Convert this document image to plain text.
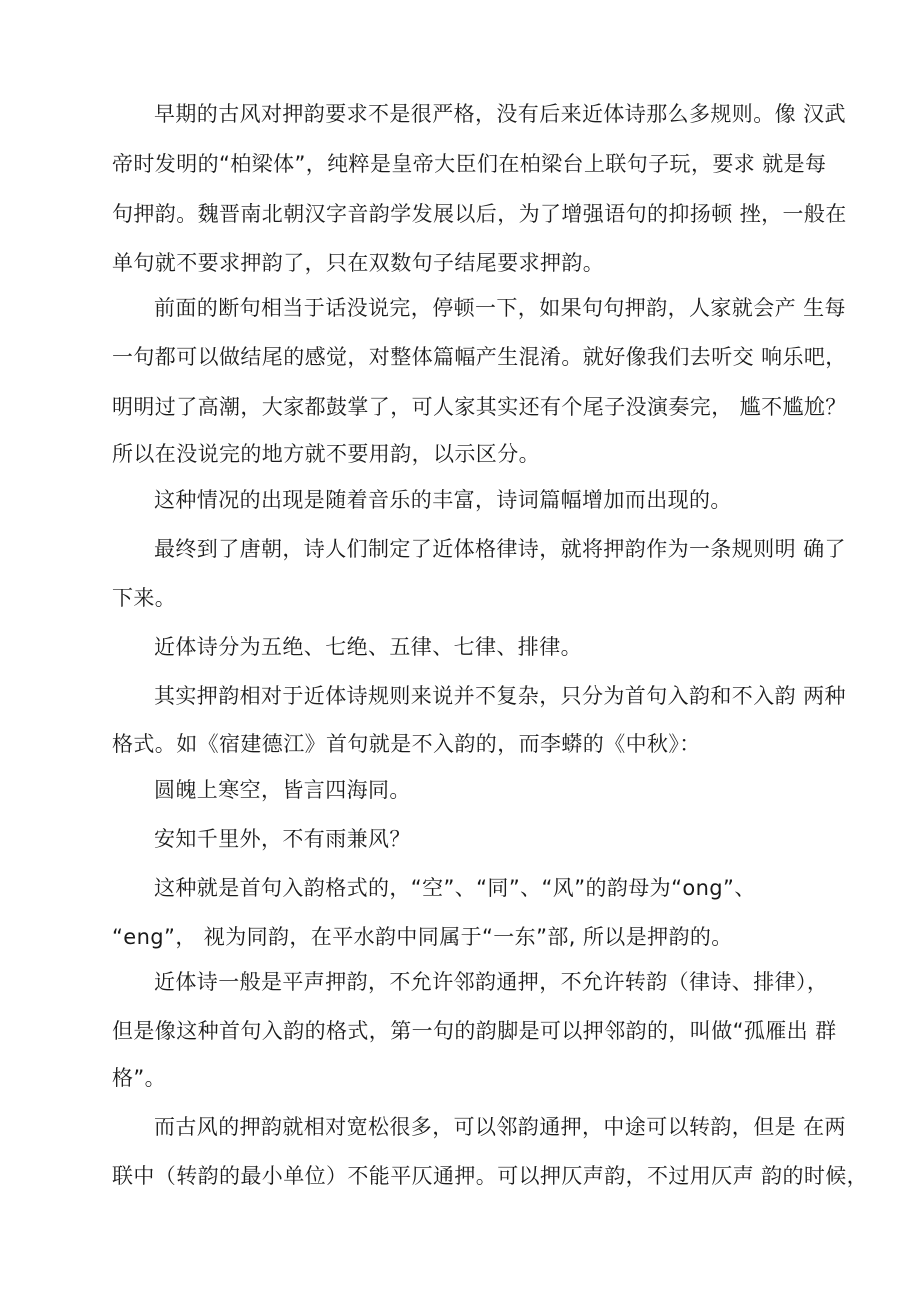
早期的古风对押韵要求不是很严格，没有后来近体诗那么多规则。像 汉武
帝时发明的“柏梁体”，纯粹是皇帝大臣们在柏梁台上联句子玩，要求 就是每
句押韵。魏晋南北朝汉字音韵学发展以后，为了增强语句的抑扬顿 挫，一般在
单句就不要求押韵了，只在双数句子结尾要求押韵。
前面的断句相当于话没说完，停顿一下，如果句句押韵，人家就会产 生每
一句都可以做结尾的感觉，对整体篇幅产生混淆。就好像我们去听交 响乐吧，
明明过了高潮，大家都鼓掌了，可人家其实还有个尾子没演奏完， 尴不尴尬？
所以在没说完的地方就不要用韵，以示区分。
这种情况的出现是随着音乐的丰富，诗词篇幅增加而出现的。
最终到了唐朝，诗人们制定了近体格律诗，就将押韵作为一条规则明 确了
下来。
近体诗分为五绝、七绝、五律、七律、排律。
其实押韵相对于近体诗规则来说并不复杂，只分为首句入韵和不入韵 两种
格式。如《宿建德江》首句就是不入韵的，而李蟒的《中秋》：
圆魄上寒空，皆言四海同。
安知千里外，不有雨兼风？
这种就是首句入韵格式的，“空”、“同”、“风”的韵母为“ong”、
“eng”， 视为同韵，在平水韵中同属于“一东”部, 所以是押韵的。
近体诗一般是平声押韵，不允许邻韵通押，不允许转韵（律诗、排律），
但是像这种首句入韵的格式，第一句的韵脚是可以押邻韵的，叫做“孤雁出 群
格”。
而古风的押韵就相对宽松很多，可以邻韵通押，中途可以转韵，但是 在两
联中（转韵的最小单位）不能平仄通押。可以押仄声韵，不过用仄声 韵的时候，
